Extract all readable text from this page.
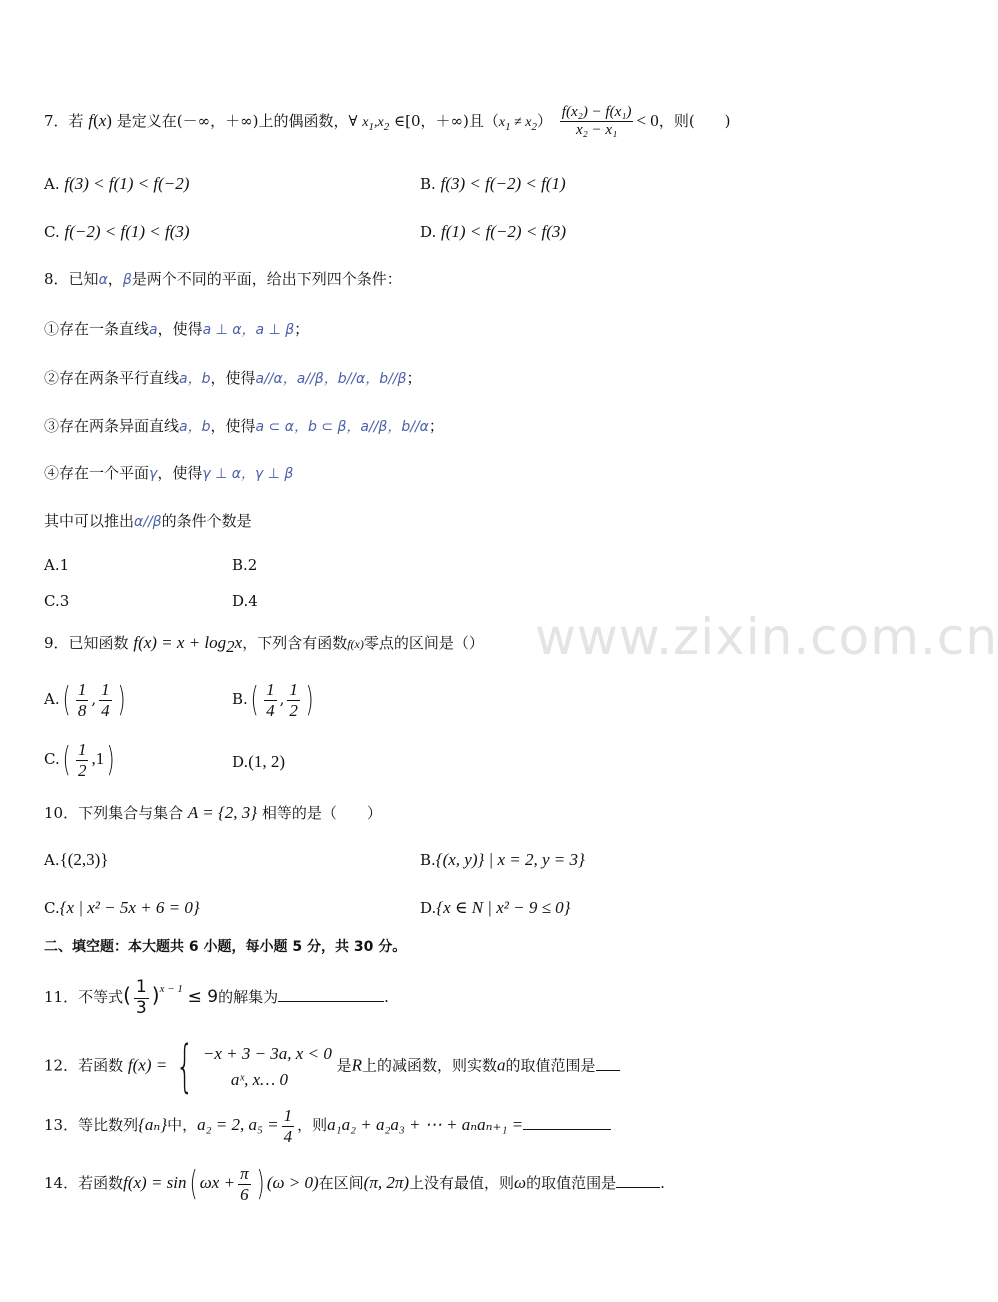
www.zixin.com.cn
7．若 f(x) 是定义在(－∞，＋∞)上的偶函数，∀ $x_1,x_2$ ∈[0，＋∞)且$(x_1 \ne x_2) \frac{\text{f(x₂) − f(x₁)}}{\text{x₂ − x₁}} < 0$，则(　　)
A. f(3) < f(1) < f(−2)	B. f(3) < f(−2) < f(1)
C. f(−2) < f(1) < f(3)	D. f(1) < f(−2) < f(3)
8．已知α，β是两个不同的平面，给出下列四个条件：
①存在一条直线a，使得a ⊥ α，a ⊥ β；
②存在两条平行直线a，b，使得a//α，a//β，b//α，b//β；
③存在两条异面直线a，b，使得a ⊂ α，b ⊂ β，a//β，b//α；
④存在一个平面γ，使得γ ⊥ α，γ ⊥ β
其中可以推出α//β的条件个数是
A.1	B.2
C.3	D.4
9．已知函数 $f(x) = x + \log_2x$，下列含有函数f(x)零点的区间是（）
$A.( \frac{1}{8}$ , $\frac{1}{4}$ )	$B.( \frac{1}{4}$ , $\frac{1}{2}$ )
$C.( \frac{1}{2} ,1)$	D.(1, 2)
10．下列集合与集合 A = {2, 3} 相等的是（　　）
A.{(2,3)}	B.{(x, y)} | x = 2, y = 3}
C.{x | x² − 5x + 6 = 0}	D.{x ∈ N | x² − 9 ≤ 0}
二、填空题：本大题共 6 小题，每小题 5 分，共 30 分。
11．不等式( $\frac{1}{3} )^{x - 1} \le 9$的解集为	.
12．若函数 f(x) = { −x + 3 − 3a, x < 0
aˣ, x… 0
是R上的减函数，则实数a的取值范围是
13．等比数列{aₙ}中，a₂ = 2, $a_5 = \frac{1}{4}$ ，则a₁a₂ + a₂a₃ + ⋯ + aₙaₙ₊₁ =
14．若函数f(x) = sin( $\omega x + \frac{\pi}{6}$ ) (ω > 0)在区间(π, 2π)上没有最值，则ω的取值范围是	.
